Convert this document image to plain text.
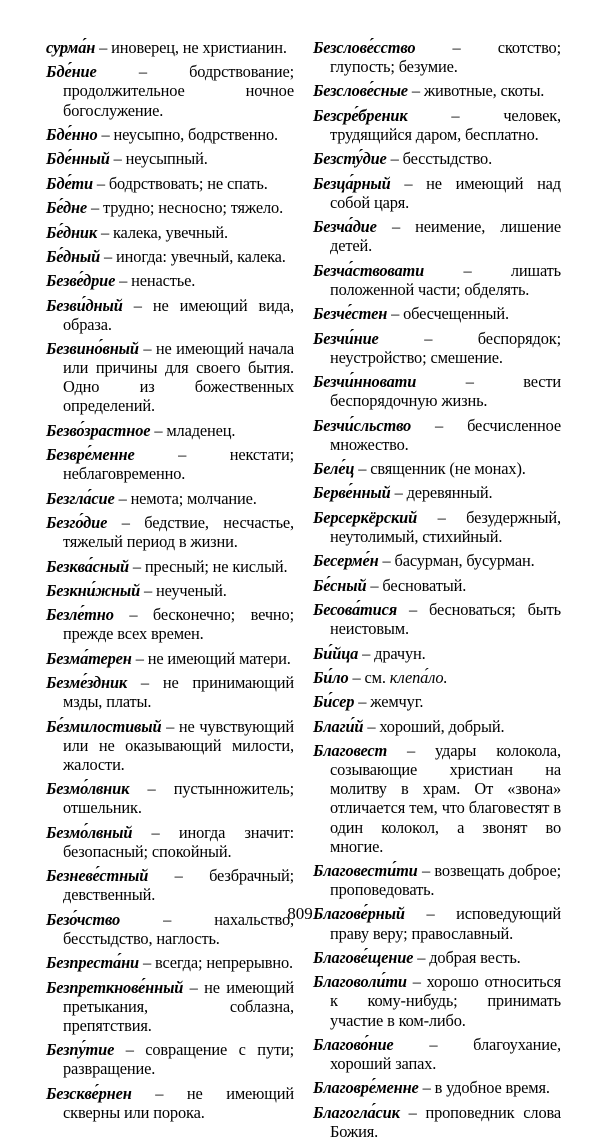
сурма́н – иноверец, не христианин.
Бде́ние – бодрствование; продолжительное ночное богослужение.
Бде́нно – неусыпно, бодрственно.
Бде́нный – неусыпный.
Бде́ти – бодрствовать; не спать.
Бе́дне – трудно; несносно; тяжело.
Бе́дник – калека, увечный.
Бе́дный – иногда: увечный, калека.
Безве́дрие – ненастье.
Безви́дный – не имеющий вида, образа.
Безвино́вный – не имеющий начала или причины для своего бытия. Одно из божественных определений.
Безво́зрастное – младенец.
Безвре́менне – некстати; неблаговременно.
Безгла́сие – немота; молчание.
Безго́дие – бедствие, несчастье, тяжелый период в жизни.
Безква́сный – пресный; не кислый.
Безкни́жный – неученый.
Безле́тно – бесконечно; вечно; прежде всех времен.
Безма́терен – не имеющий матери.
Безме́здник – не принимающий мзды, платы.
Бе́змилостивый – не чувствующий или не оказывающий милости, жалости.
Безмо́лвник – пустынножитель; отшельник.
Безмо́лвный – иногда значит: безопасный; спокойный.
Безневе́стный – безбрачный; девственный.
Безо́чство – нахальство, бесстыдство, наглость.
Безпреста́ни – всегда; непрерывно.
Безпреткнове́нный – не имеющий претыкания, соблазна, препятствия.
Безпу́тие – совращение с пути; развращение.
Безскве́рнен – не имеющий скверны или порока.
Безслове́сство – скотство; глупость; безумие.
Безслове́сные – животные, скоты.
Безсре́бреник – человек, трудящийся даром, бесплатно.
Безсту́дие – бесстыдство.
Безца́рный – не имеющий над собой царя.
Безча́дие – неимение, лишение детей.
Безча́ствовати – лишать положенной части; обделять.
Безче́стен – обесчещенный.
Безчи́ние – беспорядок; неустройство; смешение.
Безчи́нновати – вести беспорядочную жизнь.
Безчи́сльство – бесчисленное множество.
Беле́ц – священник (не монах).
Берве́нный – деревянный.
Берсеркёрский – безудержный, неутолимый, стихийный.
Бесерме́н – басурман, бусурман.
Бе́сный – бесноватый.
Бесова́тися – бесноваться; быть неистовым.
Би́йца – драчун.
Би́ло – см. клепа́ло.
Би́сер – жемчуг.
Благи́й – хороший, добрый.
Благовест – удары колокола, созывающие христиан на молитву в храм. От «звона» отличается тем, что благовестят в один колокол, а звонят во многие.
Благовести́ти – возвещать доброе; проповедовать.
Благове́рный – исповедующий праву веру; православный.
Благове́щение – добрая весть.
Благоволи́ти – хорошо относиться к кому-нибудь; принимать участие в ком-либо.
Благово́ние – благоухание, хороший запах.
Благовре́менне – в удобное время.
Благогла́сик – проповедник слова Божия.
809
